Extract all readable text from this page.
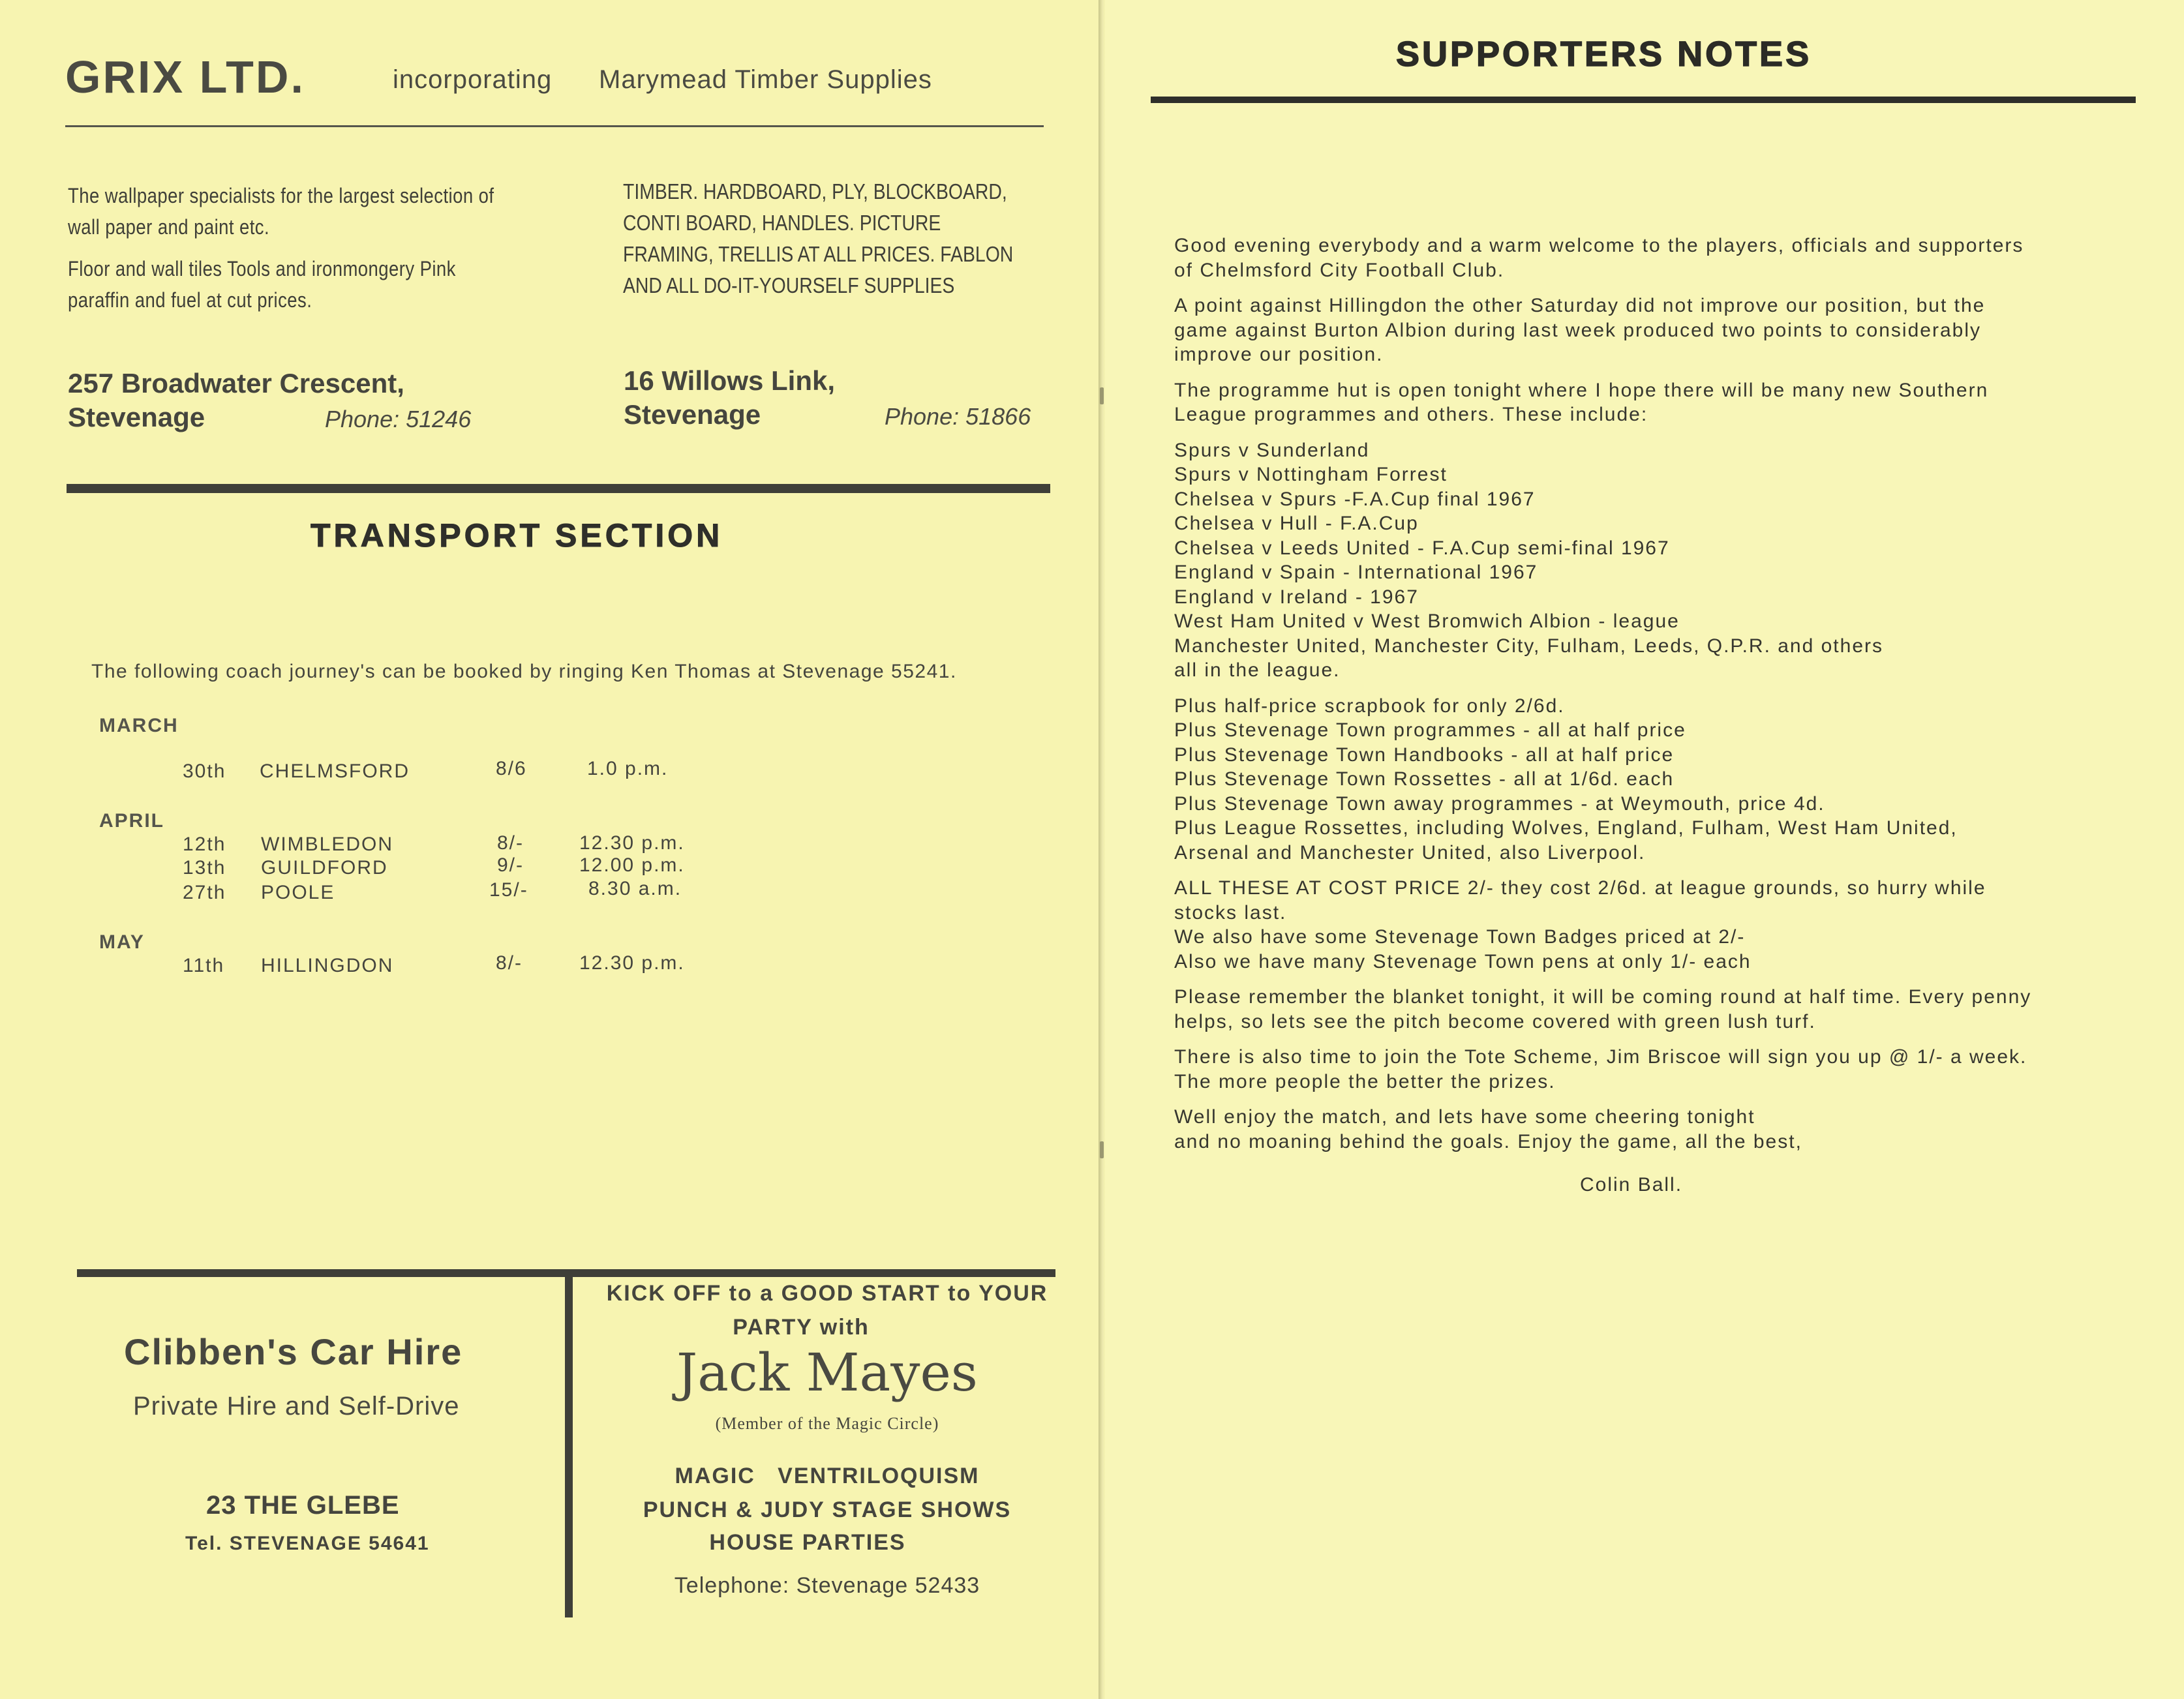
GRIX LTD.	incorporating Marymead Timber Supplies
The wallpaper specialists for the largest selection of wall paper and paint etc.
Floor and wall tiles Tools and ironmongery Pink paraffin and fuel at cut prices.
TIMBER. HARDBOARD, PLY, BLOCKBOARD, CONTI BOARD, HANDLES. PICTURE FRAMING, TRELLIS AT ALL PRICES. FABLON AND ALL DO-IT-YOURSELF SUPPLIES
257 Broadwater Crescent,
Stevenage	Phone: 51246
16 Willows Link,
Stevenage	Phone: 51866
TRANSPORT SECTION
The following coach journey's can be booked by ringing Ken Thomas at Stevenage 55241.
MARCH
30th CHELMSFORD	8/6	1.0 p.m.
APRIL
12th WIMBLEDON	8/-	12.30 p.m.
13th GUILDFORD	9/-	12.00 p.m.
27th POOLE	15/-	8.30 a.m.
MAY
11th HILLINGDON	8/-	12.30 p.m.
Clibben's Car Hire
Private Hire and Self-Drive
23 THE GLEBE
Tel. STEVENAGE 54641
KICK OFF to a GOOD START to YOUR
PARTY with
Jack Mayes
(Member of the Magic Circle)
MAGIC   VENTRILOQUISM
PUNCH & JUDY STAGE SHOWS
HOUSE PARTIES
Telephone: Stevenage 52433
SUPPORTERS NOTES
Good evening everybody and a warm welcome to the players, officials and supporters
of Chelmsford City Football Club.
A point against Hillingdon the other Saturday did not improve our position, but the
game against Burton Albion during last week produced two points to considerably
improve our position.
The programme hut is open tonight where I hope there will be many new Southern
League programmes and others. These include:
Spurs v Sunderland
Spurs v Nottingham Forrest
Chelsea v Spurs -F.A.Cup final 1967
Chelsea v Hull - F.A.Cup
Chelsea v Leeds United - F.A.Cup semi-final 1967
England v Spain - International 1967
England v Ireland - 1967
West Ham United v West Bromwich Albion - league
Manchester United, Manchester City, Fulham, Leeds, Q.P.R. and others
all in the league.
Plus half-price scrapbook for only 2/6d.
Plus Stevenage Town programmes - all at half price
Plus Stevenage Town Handbooks - all at half price
Plus Stevenage Town Rossettes - all at 1/6d. each
Plus Stevenage Town away programmes - at Weymouth, price 4d.
Plus League Rossettes, including Wolves, England, Fulham, West Ham United,
Arsenal and Manchester United, also Liverpool.
ALL THESE AT COST PRICE 2/- they cost 2/6d. at league grounds, so hurry while
stocks last.
We also have some Stevenage Town Badges priced at 2/-
Also we have many Stevenage Town pens at only 1/- each
Please remember the blanket tonight, it will be coming round at half time. Every penny
helps, so lets see the pitch become covered with green lush turf.
There is also time to join the Tote Scheme, Jim Briscoe will sign you up @ 1/- a week.
The more people the better the prizes.
Well enjoy the match, and lets have some cheering tonight
and no moaning behind the goals. Enjoy the game, all the best,
Colin Ball.
